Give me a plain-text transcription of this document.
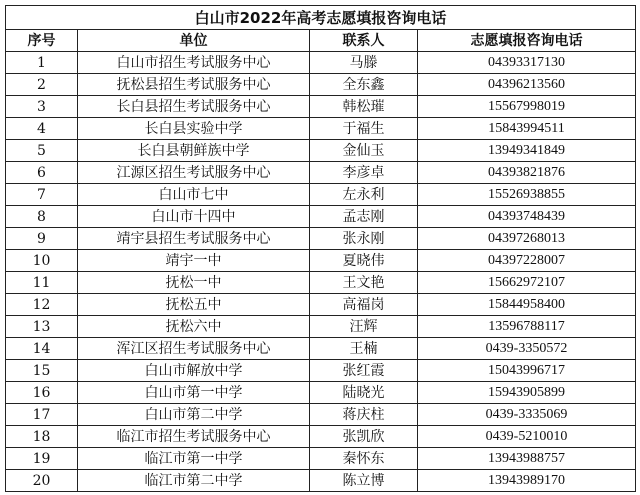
白山市2022年高考志愿填报咨询电话			
序号	单位	联系人	志愿填报咨询电话
1	白山市招生考试服务中心	马滕	04393317130
2	抚松县招生考试服务中心	全东鑫	04396213560
3	长白县招生考试服务中心	韩松璀	15567998019
4	长白县实验中学	于福生	15843994511
5	长白县朝鲜族中学	金仙玉	13949341849
6	江源区招生考试服务中心	李彦卓	04393821876
7	白山市七中	左永利	15526938855
8	白山市十四中	孟志刚	04393748439
9	靖宇县招生考试服务中心	张永刚	04397268013
10	靖宇一中	夏晓伟	04397228007
11	抚松一中	王文艳	15662972107
12	抚松五中	高福岗	15844958400
13	抚松六中	汪辉	13596788117
14	浑江区招生考试服务中心	王楠	0439-3350572
15	白山市解放中学	张红霞	15043996717
16	白山市第一中学	陆晓光	15943905899
17	白山市第二中学	蒋庆柱	0439-3335069
18	临江市招生考试服务中心	张凯欣	0439-5210010
19	临江市第一中学	秦怀东	13943988757
20	临江市第二中学	陈立博	13943989170
